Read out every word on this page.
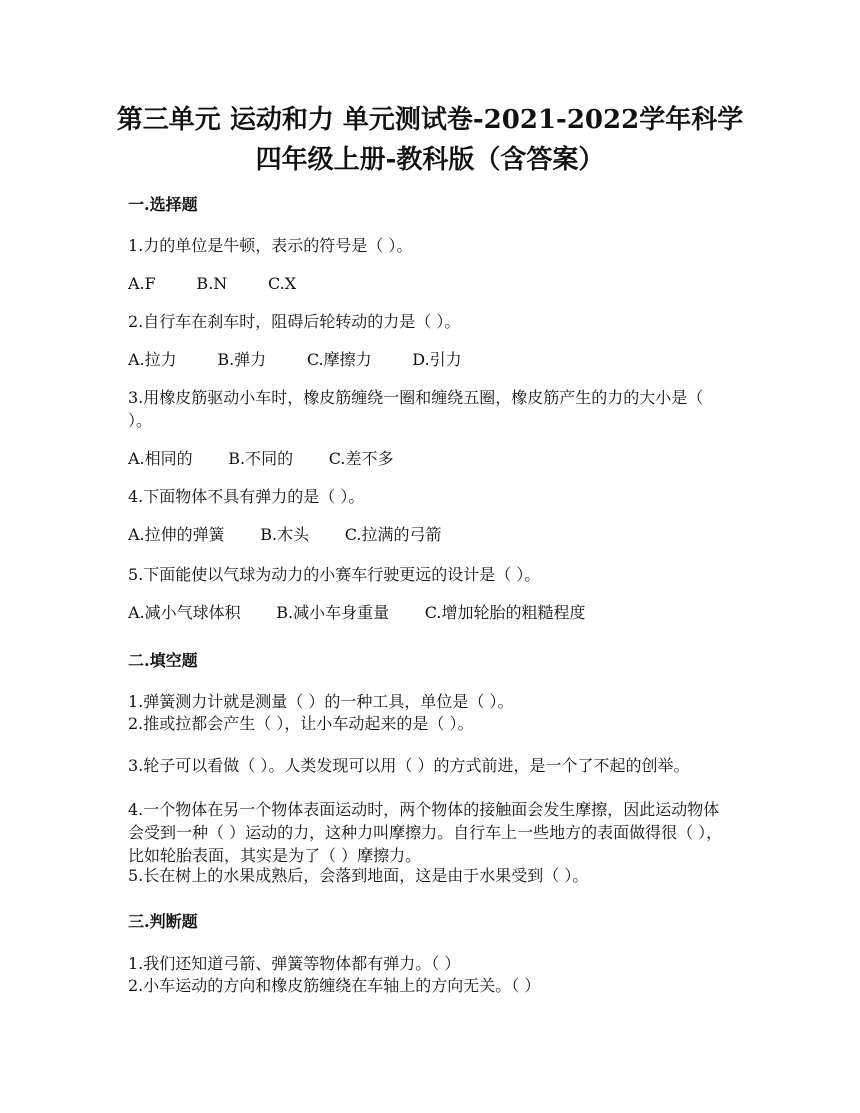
第三单元 运动和力 单元测试卷-2021-2022学年科学四年级上册-教科版（含答案）
一.选择题

1.力的单位是牛顿，表示的符号是（ ）。

A.F        B.N        C.X

2.自行车在刹车时，阻碍后轮转动的力是（ ）。

A.拉力        B.弹力        C.摩擦力        D.引力

3.用橡皮筋驱动小车时，橡皮筋缠绕一圈和缠绕五圈，橡皮筋产生的力的大小是（ ）。

A.相同的       B.不同的       C.差不多

4.下面物体不具有弹力的是（ ）。

A.拉伸的弹簧       B.木头       C.拉满的弓箭

5.下面能使以气球为动力的小赛车行驶更远的设计是（ ）。

A.减小气球体积       B.减小车身重量       C.增加轮胎的粗糙程度

二.填空题

1.弹簧测力计就是测量（ ）的一种工具，单位是（ ）。

2.推或拉都会产生（ ），让小车动起来的是（ ）。

3.轮子可以看做（ ）。人类发现可以用（ ）的方式前进，是一个了不起的创举。

4.一个物体在另一个物体表面运动时，两个物体的接触面会发生摩擦，因此运动物体会受到一种（ ）运动的力，这种力叫摩擦力。自行车上一些地方的表面做得很（ ），比如轮胎表面，其实是为了（ ）摩擦力。

5.长在树上的水果成熟后，会落到地面，这是由于水果受到（ ）。

三.判断题

1.我们还知道弓箭、弹簧等物体都有弹力。（ ）

2.小车运动的方向和橡皮筋缠绕在车轴上的方向无关。（ ）
